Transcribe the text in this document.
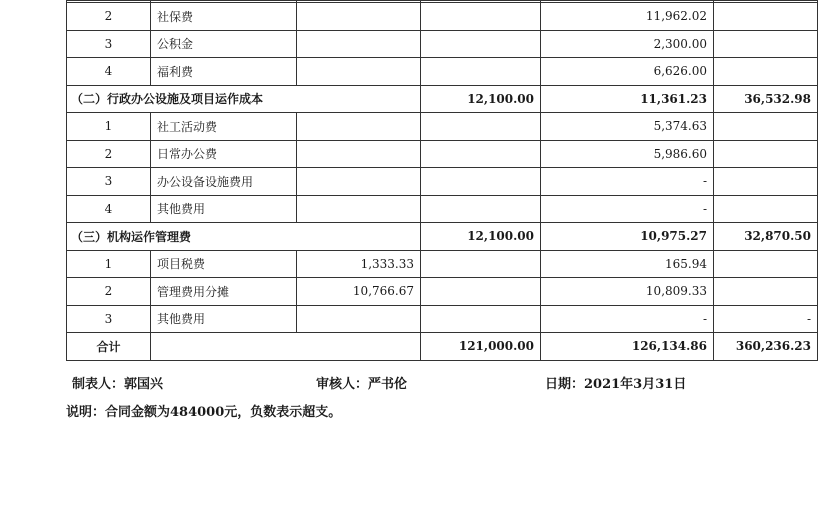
2	社保费			11,962.02	
3	公积金			2,300.00	
4	福利费			6,626.00	
（二）行政办公设施及项目运作成本			12,100.00	11,361.23	36,532.98
1	社工活动费			5,374.63	
2	日常办公费			5,986.60	
3	办公设备设施费用			-	
4	其他费用			-	
（三）机构运作管理费			12,100.00	10,975.27	32,870.50
1	项目税费	1,333.33		165.94	
2	管理费用分摊	10,766.67		10,809.33	
3	其他费用			-	-
合计			121,000.00	126,134.86	360,236.23
制表人：郭国兴	审核人：严书伦	日期：2021年3月31日
说明：合同金额为484000元，负数表示超支。
